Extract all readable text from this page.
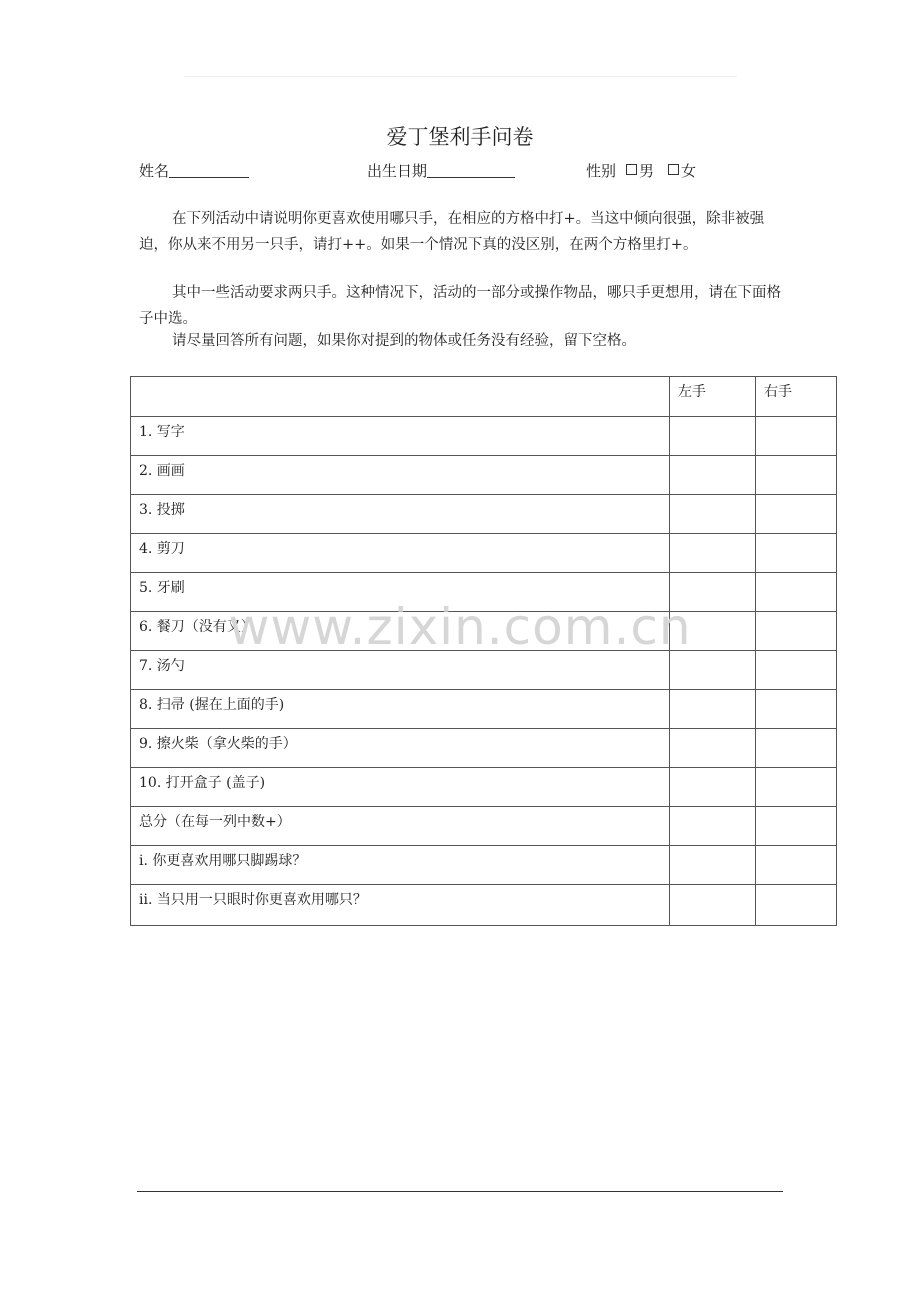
爱丁堡利手问卷
姓名	出生日期	性别 男 女
在下列活动中请说明你更喜欢使用哪只手，在相应的方格中打+。当这中倾向很强，除非被强迫，你从来不用另一只手，请打++。如果一个情况下真的没区别，在两个方格里打+。
其中一些活动要求两只手。这种情况下，活动的一部分或操作物品，哪只手更想用，请在下面格子中选。
请尽量回答所有问题，如果你对提到的物体或任务没有经验，留下空格。
	左手	右手
1. 写字		
2. 画画		
3. 投掷		
4. 剪刀		
5. 牙刷		
6. 餐刀（没有叉）		
7. 汤勺		
8. 扫帚 (握在上面的手)		
9. 擦火柴（拿火柴的手）		
10. 打开盒子 (盖子)		
总分（在每一列中数+）		
i. 你更喜欢用哪只脚踢球？		
ii. 当只用一只眼时你更喜欢用哪只？		
www.zixin.com.cn
